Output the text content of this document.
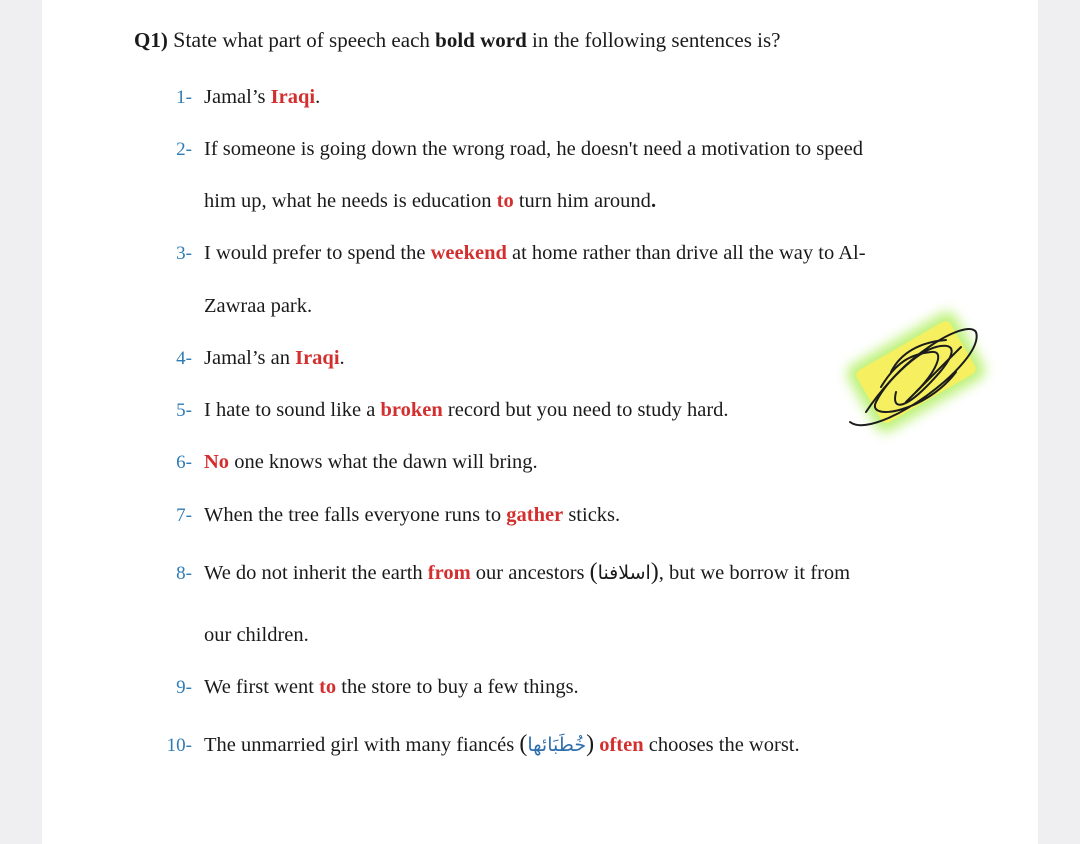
Q1) State what part of speech each bold word in the following sentences is?
1- Jamal’s Iraqi.
2- If someone is going down the wrong road, he doesn't need a motivation to speed
him up, what he needs is education to turn him around.
3- I would prefer to spend the weekend at home rather than drive all the way to Al-
Zawraa park.
4- Jamal’s an Iraqi.
5- I hate to sound like a broken record but you need to study hard.
6- No one knows what the dawn will bring.
7- When the tree falls everyone runs to gather sticks.
8- We do not inherit the earth from our ancestors (اسلافنا), but we borrow it from
our children.
9- We first went to the store to buy a few things.
10- The unmarried girl with many fiancés (خُطَبَائها) often chooses the worst.
